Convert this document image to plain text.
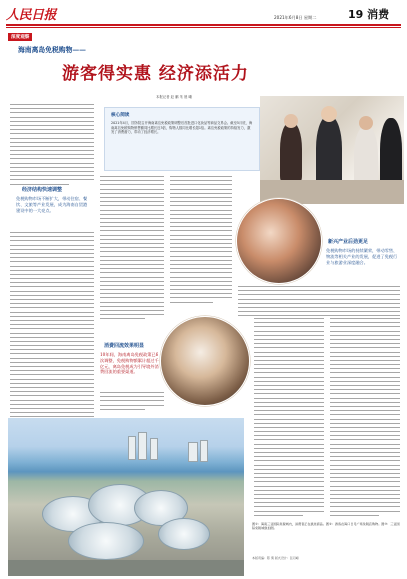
人民日报	2021年6月8日 星期二	19 消费
深度观察
海南离岛免税购物——
游客得实惠 经济添活力
本报记者 赵 鹏 朱 晨 曦
经济结构快速调整
免税购物市场不断扩大，带动住宿、餐饮、文旅等产业发展，成为海南自贸港建设中的一大亮点。
核心阅读
2021年4月，国务院召开海南离岛免税政策调整后首批进口化妆品等商品交易会。截至5月底，海南离岛免税购物销售额同比增长近3倍，购物人数同比增长超1倍。离岛免税政策的持续发力，激发了消费潜力，带动了经济增长。
消费回流效果明显
10年间，海南离岛免税政策已6次调整，免税购物额累计超过千亿元，离岛免税成为引导境外消费回流的重要渠道。
新兴产业后劲更足
免税购物市场的持续繁荣，带动零售、物流等相关产业的发展，促进了免税行业与旅游业深度融合。
图①：海南三亚国际免税城内，消费者正在挑选商品。图②：游客在海口日月广场免税店购物。图③：三亚国际免税城航拍图。
本版责编：陈 隽 版式设计：张丹峰
